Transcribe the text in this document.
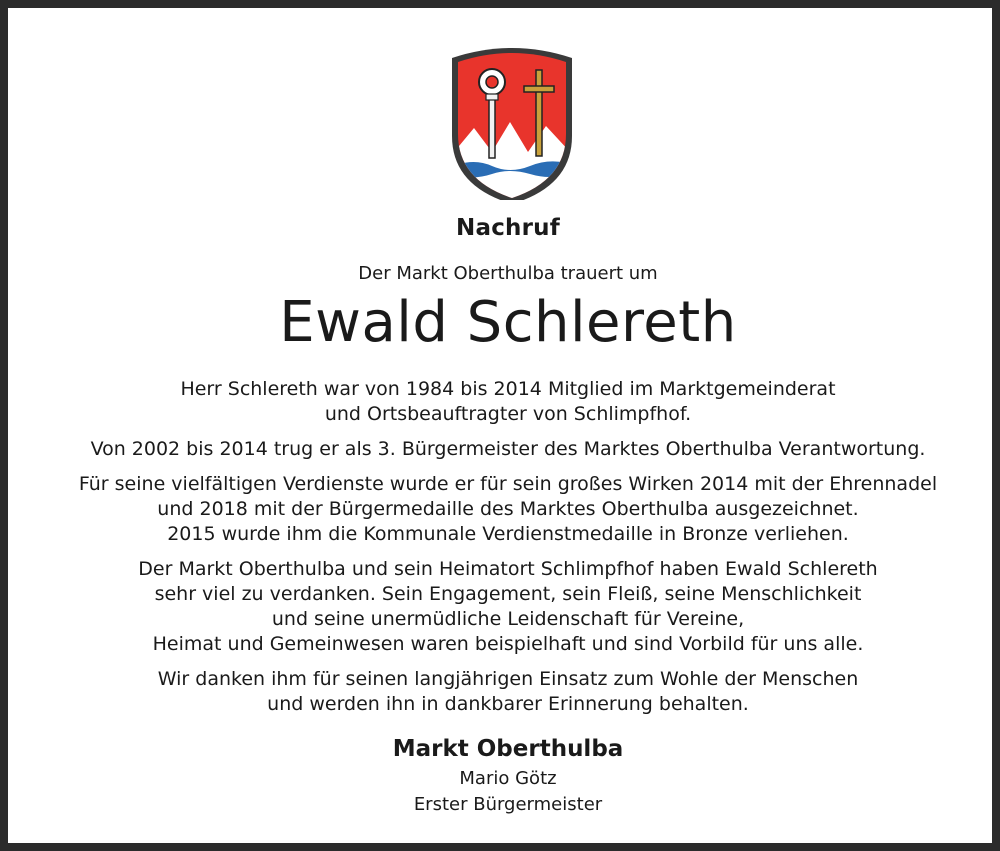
Nachruf
Der Markt Oberthulba trauert um
Ewald Schlereth
Herr Schlereth war von 1984 bis 2014 Mitglied im Marktgemeinderat
und Ortsbeauftragter von Schlimpfhof.
Von 2002 bis 2014 trug er als 3. Bürgermeister des Marktes Oberthulba Verantwortung.
Für seine vielfältigen Verdienste wurde er für sein großes Wirken 2014 mit der Ehrennadel
und 2018 mit der Bürgermedaille des Marktes Oberthulba ausgezeichnet.
2015 wurde ihm die Kommunale Verdienstmedaille in Bronze verliehen.
Der Markt Oberthulba und sein Heimatort Schlimpfhof haben Ewald Schlereth
sehr viel zu verdanken. Sein Engagement, sein Fleiß, seine Menschlichkeit
und seine unermüdliche Leidenschaft für Vereine,
Heimat und Gemeinwesen waren beispielhaft und sind Vorbild für uns alle.
Wir danken ihm für seinen langjährigen Einsatz zum Wohle der Menschen
und werden ihn in dankbarer Erinnerung behalten.
Markt Oberthulba
Mario Götz
Erster Bürgermeister
